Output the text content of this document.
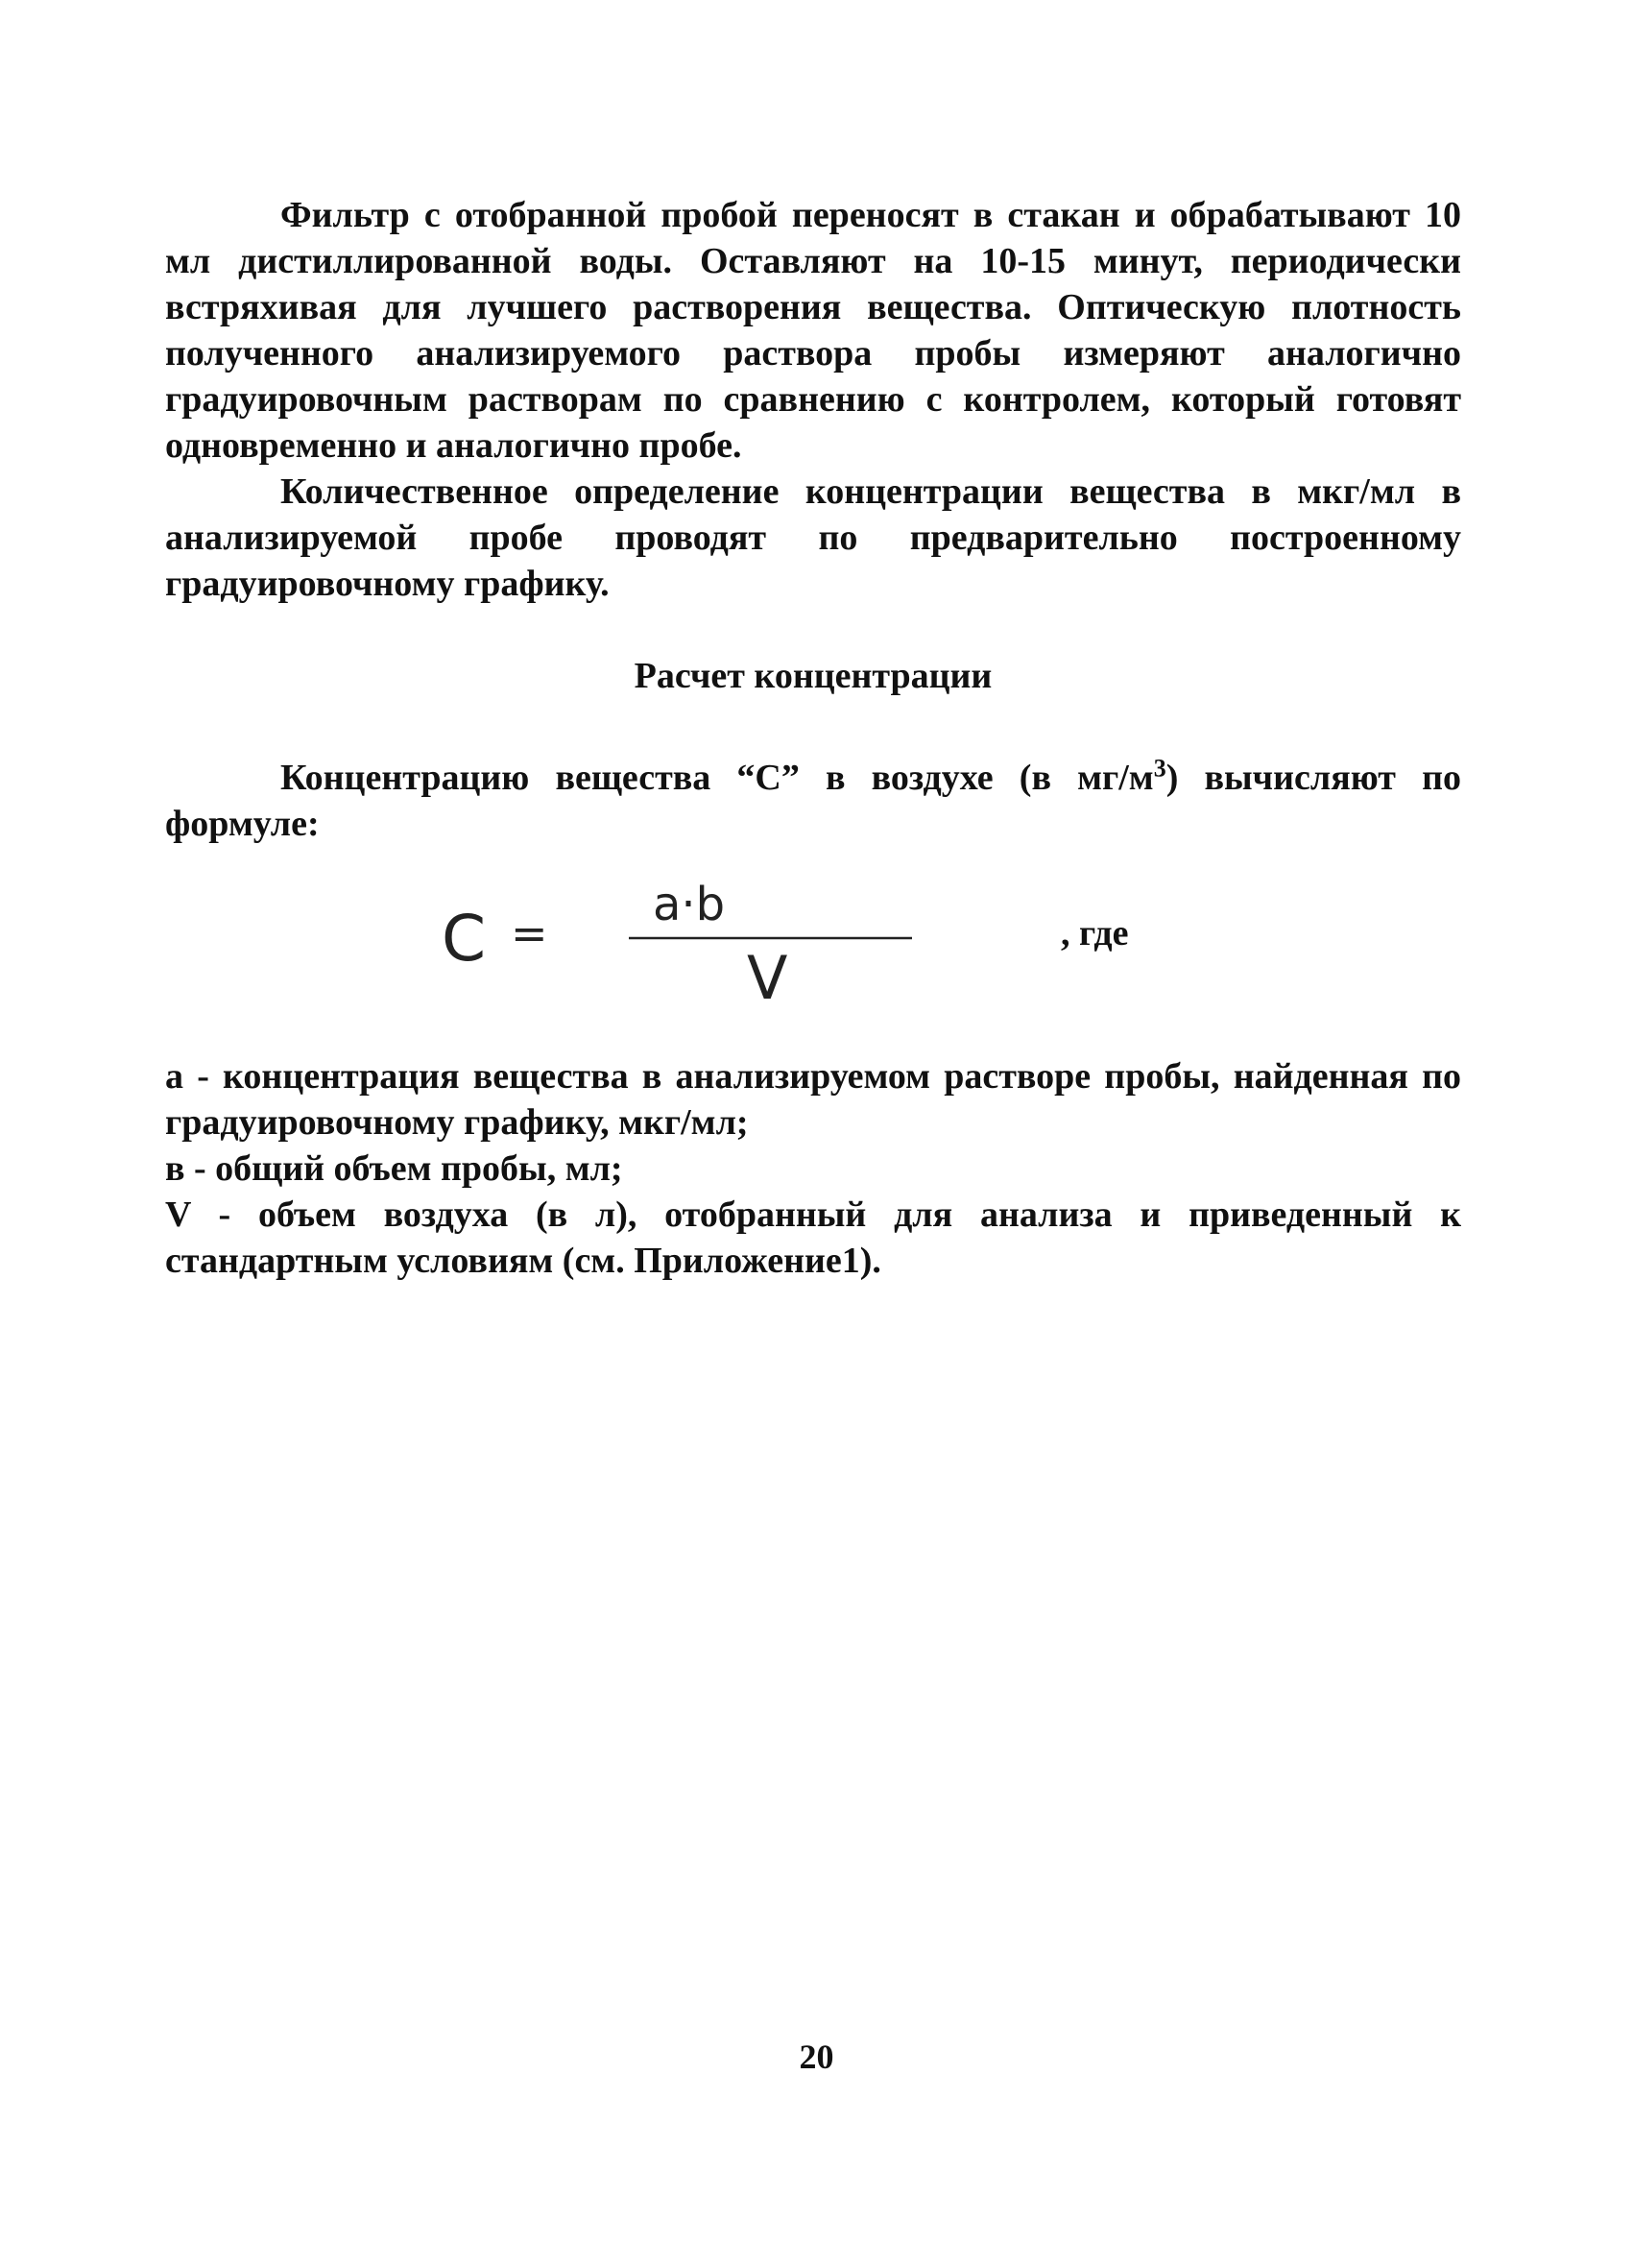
Фильтр с отобранной пробой переносят в стакан и обрабатывают 10 мл дистиллированной воды. Оставляют на 10-15 минут, периодически встряхивая для лучшего растворения вещества. Оптическую плотность полученного анализируемого раствора пробы измеряют аналогично градуировочным растворам по сравнению с контролем, который готовят одновременно и аналогично пробе.

Количественное определение концентрации вещества в мкг/мл в анализируемой пробе проводят по предварительно построенному градуировочному графику.

Расчет концентрации
Концентрацию вещества “C” в воздухе (в $мг/м^3$) вычисляют по формуле:
C =
a·b
V
, где

a - концентрация вещества в анализируемом растворе пробы, найденная по градуировочному графику, мкг/мл;

в - общий объем пробы, мл;

V - объем воздуха (в л), отобранный для анализа и приведенный к стандартным условиям (см. Приложение1).

20
